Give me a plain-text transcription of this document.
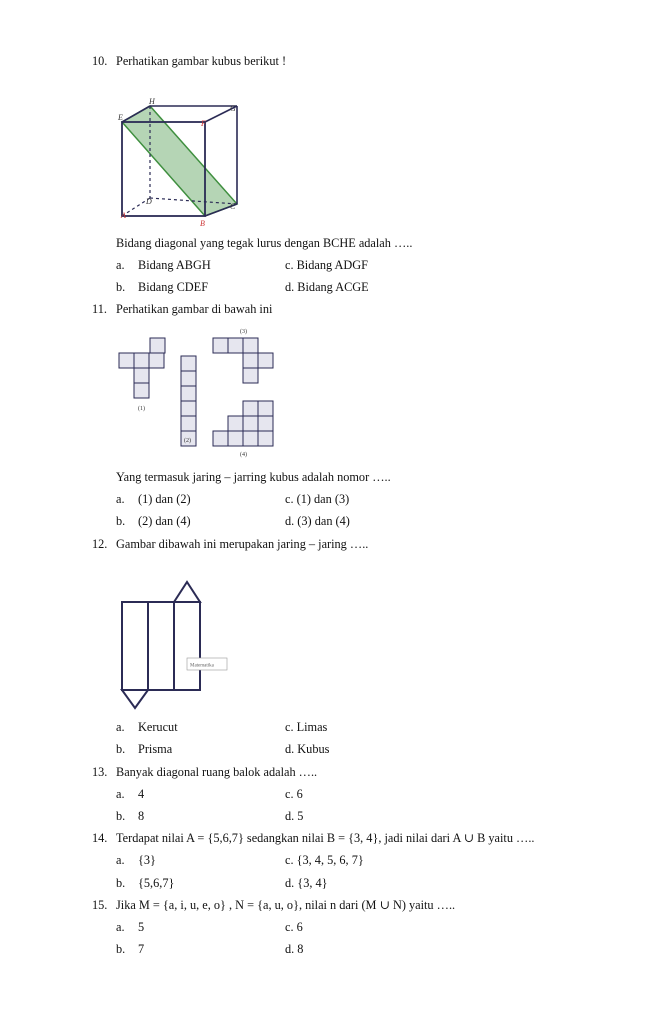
10. Perhatikan gambar kubus berikut !
H
G
E
F
D
C
A
B
Bidang diagonal yang tegak lurus dengan BCHE adalah …..
a. Bidang ABGH	c. Bidang ADGF
b. Bidang CDEF	d. Bidang ACGE
11. Perhatikan gambar di bawah ini
(1)
(2)
(3)
(4)
Yang termasuk jaring – jarring kubus adalah nomor …..
a. (1) dan (2)	c. (1) dan (3)
b. (2) dan (4)	d. (3) dan (4)
12. Gambar dibawah ini merupakan jaring – jaring …..
Matematika
a. Kerucut	c. Limas
b. Prisma	d. Kubus
13. Banyak diagonal ruang balok adalah …..
a. 4	c. 6
b. 8	d. 5
14. Terdapat nilai A = {5,6,7} sedangkan nilai B = {3, 4}, jadi nilai dari A ∪ B yaitu …..
a. {3}	c. {3, 4, 5, 6, 7}
b. {5,6,7}	d. {3, 4}
15. Jika M = {a, i, u, e, o} , N = {a, u, o}, nilai n dari (M ∪ N) yaitu …..
a. 5	c. 6
b. 7	d. 8
